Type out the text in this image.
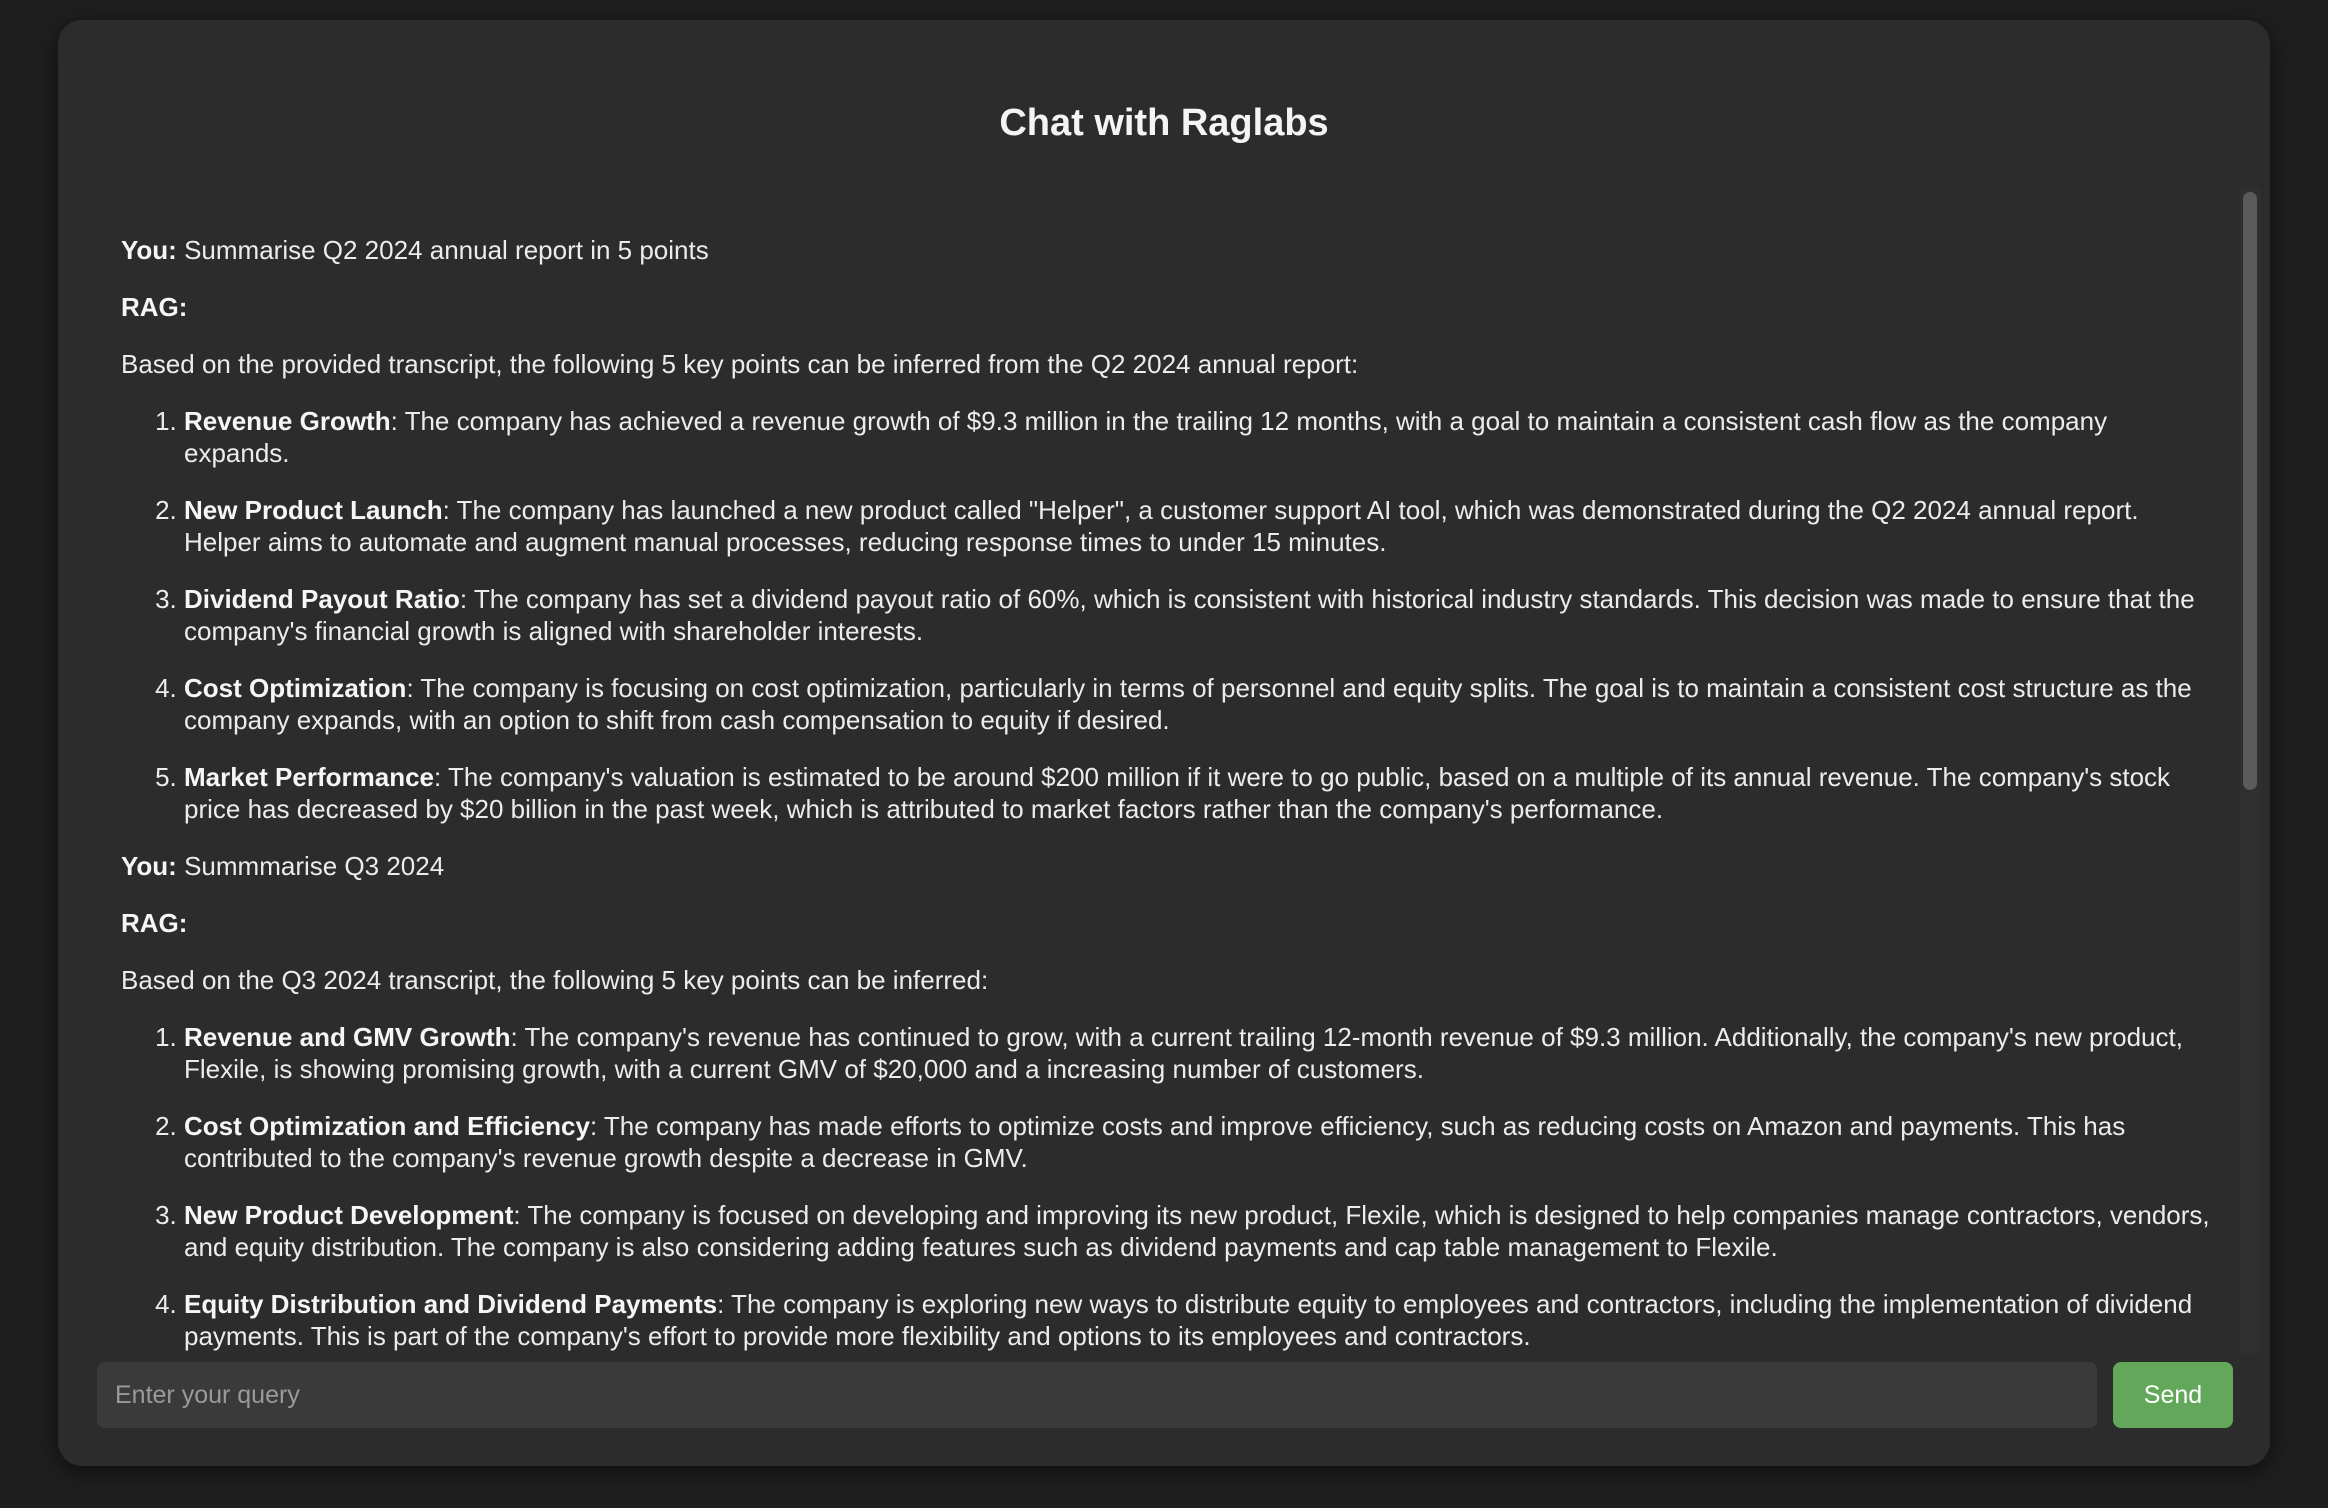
Chat with Raglabs

You: Summarise Q2 2024 annual report in 5 points

RAG:

Based on the provided transcript, the following 5 key points can be inferred from the Q2 2024 annual report:

1. Revenue Growth: The company has achieved a revenue growth of $9.3 million in the trailing 12 months, with a goal to maintain a consistent cash flow as the company expands.
2. New Product Launch: The company has launched a new product called "Helper", a customer support AI tool, which was demonstrated during the Q2 2024 annual report. Helper aims to automate and augment manual processes, reducing response times to under 15 minutes.
3. Dividend Payout Ratio: The company has set a dividend payout ratio of 60%, which is consistent with historical industry standards. This decision was made to ensure that the company's financial growth is aligned with shareholder interests.
4. Cost Optimization: The company is focusing on cost optimization, particularly in terms of personnel and equity splits. The goal is to maintain a consistent cost structure as the company expands, with an option to shift from cash compensation to equity if desired.
5. Market Performance: The company's valuation is estimated to be around $200 million if it were to go public, based on a multiple of its annual revenue. The company's stock price has decreased by $20 billion in the past week, which is attributed to market factors rather than the company's performance.

You: Summmarise Q3 2024

RAG:

Based on the Q3 2024 transcript, the following 5 key points can be inferred:

1. Revenue and GMV Growth: The company's revenue has continued to grow, with a current trailing 12-month revenue of $9.3 million. Additionally, the company's new product, Flexile, is showing promising growth, with a current GMV of $20,000 and a increasing number of customers.
2. Cost Optimization and Efficiency: The company has made efforts to optimize costs and improve efficiency, such as reducing costs on Amazon and payments. This has contributed to the company's revenue growth despite a decrease in GMV.
3. New Product Development: The company is focused on developing and improving its new product, Flexile, which is designed to help companies manage contractors, vendors, and equity distribution. The company is also considering adding features such as dividend payments and cap table management to Flexile.
4. Equity Distribution and Dividend Payments: The company is exploring new ways to distribute equity to employees and contractors, including the implementation of dividend payments. This is part of the company's effort to provide more flexibility and options to its employees and contractors.
Enter your query
Send
